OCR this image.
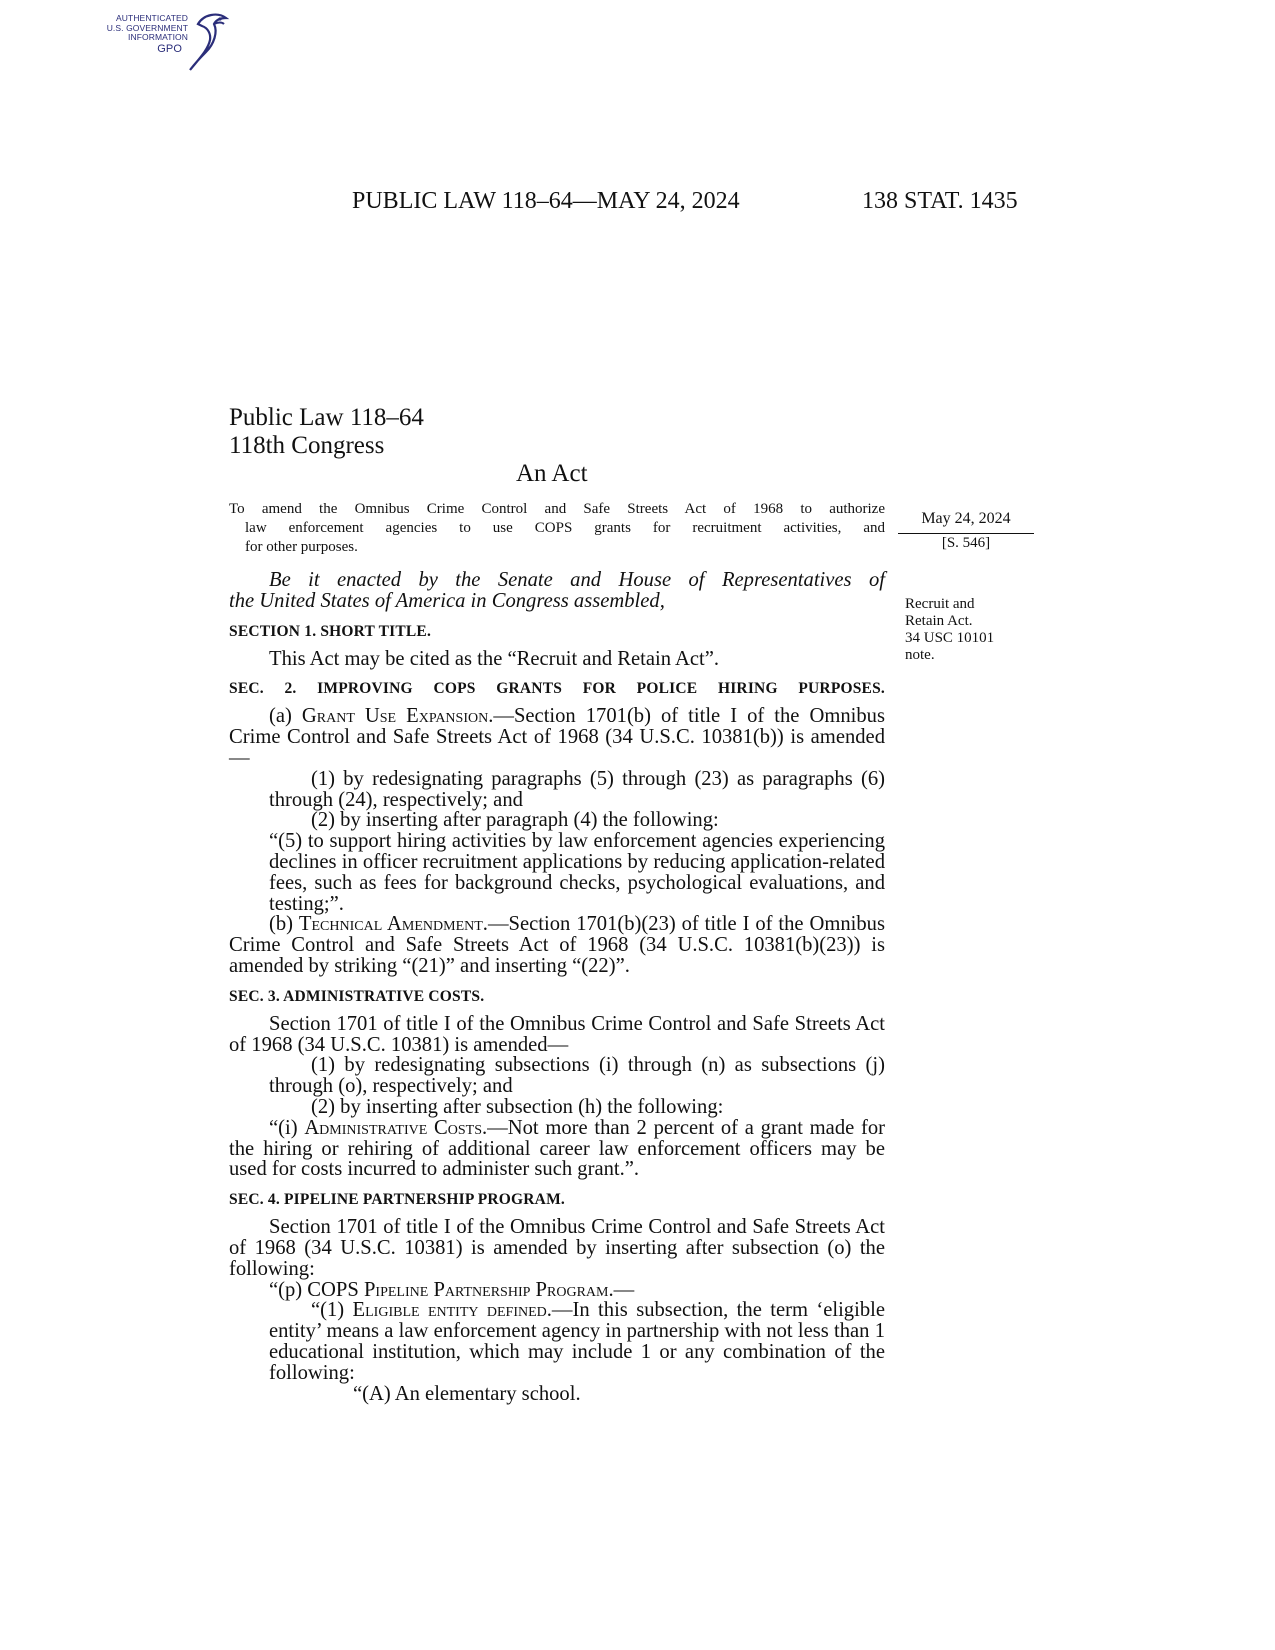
AUTHENTICATED
U.S. GOVERNMENT
INFORMATION
GPO
PUBLIC LAW 118–64—MAY 24, 2024	138 STAT. 1435
Public Law 118–64
118th Congress
An Act
To amend the Omnibus Crime Control and Safe Streets Act of 1968 to authorize
law enforcement agencies to use COPS grants for recruitment activities, and
for other purposes.
May 24, 2024
[S. 546]
Recruit and
Retain Act.
34 USC 10101
note.
Be it enacted by the Senate and House of Representatives of
the United States of America in Congress assembled,
SECTION 1. SHORT TITLE.

This Act may be cited as the “Recruit and Retain Act”.

SEC. 2. IMPROVING COPS GRANTS FOR POLICE HIRING PURPOSES.

(a) Grant Use Expansion.—Section 1701(b) of title I of the Omnibus Crime Control and Safe Streets Act of 1968 (34 U.S.C. 10381(b)) is amended—

(1) by redesignating paragraphs (5) through (23) as paragraphs (6) through (24), respectively; and

(2) by inserting after paragraph (4) the following:

“(5) to support hiring activities by law enforcement agencies experiencing declines in officer recruitment applications by reducing application-related fees, such as fees for background checks, psychological evaluations, and testing;”.

(b) Technical Amendment.—Section 1701(b)(23) of title I of the Omnibus Crime Control and Safe Streets Act of 1968 (34 U.S.C. 10381(b)(23)) is amended by striking “(21)” and inserting “(22)”.

SEC. 3. ADMINISTRATIVE COSTS.

Section 1701 of title I of the Omnibus Crime Control and Safe Streets Act of 1968 (34 U.S.C. 10381) is amended—

(1) by redesignating subsections (i) through (n) as subsections (j) through (o), respectively; and

(2) by inserting after subsection (h) the following:

“(i) Administrative Costs.—Not more than 2 percent of a grant made for the hiring or rehiring of additional career law enforcement officers may be used for costs incurred to administer such grant.”.

SEC. 4. PIPELINE PARTNERSHIP PROGRAM.

Section 1701 of title I of the Omnibus Crime Control and Safe Streets Act of 1968 (34 U.S.C. 10381) is amended by inserting after subsection (o) the following:

“(p) COPS Pipeline Partnership Program.—

“(1) Eligible entity defined.—In this subsection, the term ‘eligible entity’ means a law enforcement agency in partnership with not less than 1 educational institution, which may include 1 or any combination of the following:

“(A) An elementary school.
